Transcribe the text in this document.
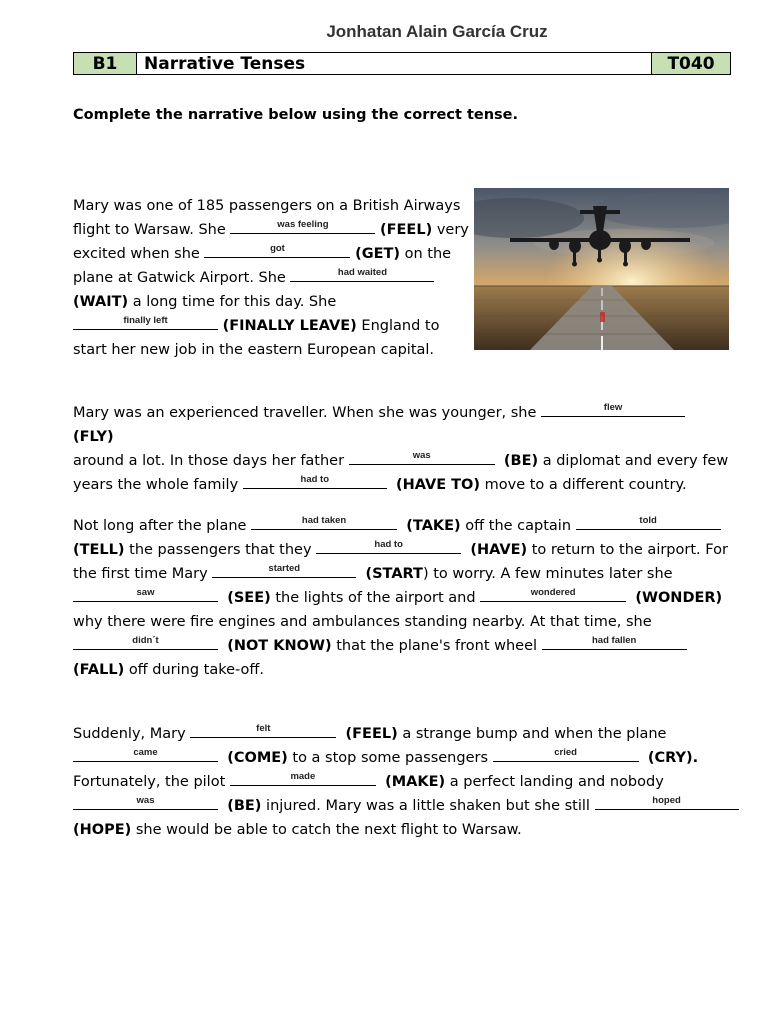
Jonhatan Alain García Cruz
B1	Narrative Tenses	T040
Complete the narrative below using the correct tense.
Mary was one of 185 passengers on a British Airways
flight to Warsaw. She	was feeling	(FEEL) very
excited when she	got	(GET) on the
plane at Gatwick Airport. She	had waited
(WAIT) a long time for this day. She
finally left	(FINALLY LEAVE) England to
start her new job in the eastern European capital.
Mary was an experienced traveller. When she was younger, she	flew
(FLY)
around a lot. In those days her father	was	(BE) a diplomat and every few
years the whole family	had to	(HAVE TO) move to a different country.
Not long after the plane	had taken	(TAKE) off the captain	told
(TELL) the passengers that they	had to	(HAVE) to return to the airport. For
the first time Mary	started	(START) to worry. A few minutes later she
saw	(SEE) the lights of the airport and	wondered	(WONDER)
why there were fire engines and ambulances standing nearby. At that time, she
didn´t	(NOT KNOW) that the plane's front wheel	had fallen
(FALL) off during take-off.
Suddenly, Mary	felt	(FEEL) a strange bump and when the plane
came	(COME) to a stop some passengers	cried	(CRY).
Fortunately, the pilot	made	(MAKE) a perfect landing and nobody
was	(BE) injured. Mary was a little shaken but she still	hoped
(HOPE) she would be able to catch the next flight to Warsaw.
